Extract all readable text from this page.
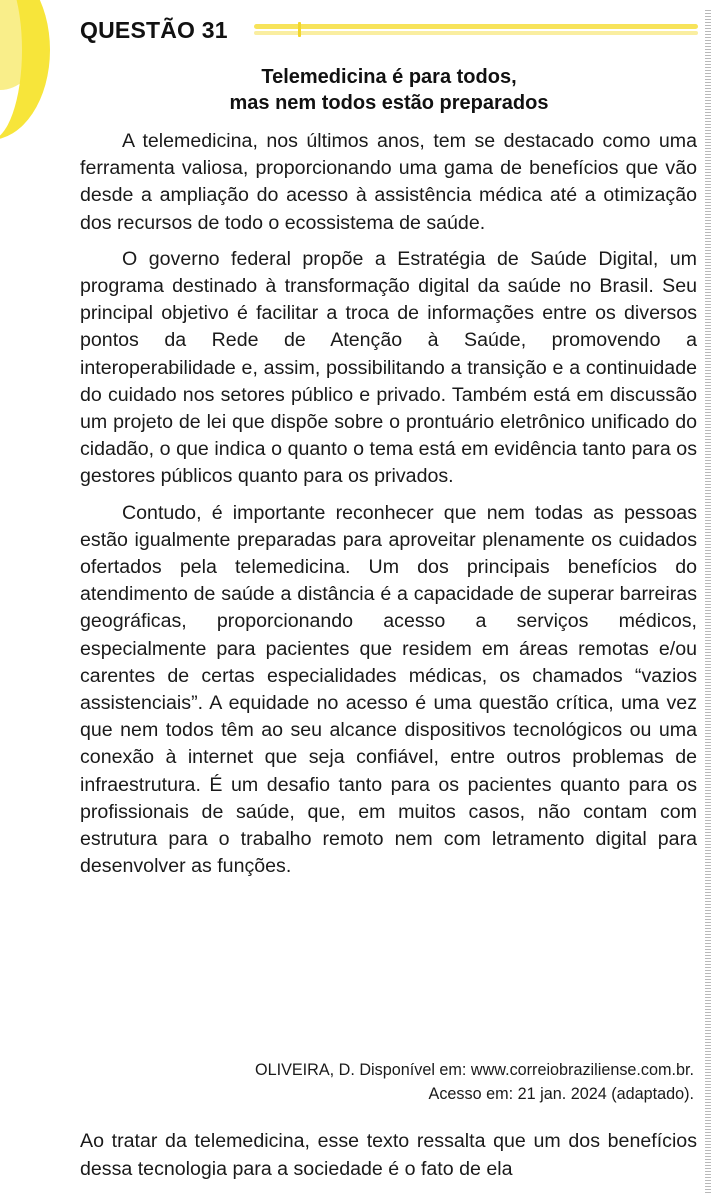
QUESTÃO 31
Telemedicina é para todos,
mas nem todos estão preparados

A telemedicina, nos últimos anos, tem se destacado como uma ferramenta valiosa, proporcionando uma gama de benefícios que vão desde a ampliação do acesso à assistência médica até a otimização dos recursos de todo o ecossistema de saúde.

O governo federal propõe a Estratégia de Saúde Digital, um programa destinado à transformação digital da saúde no Brasil. Seu principal objetivo é facilitar a troca de informações entre os diversos pontos da Rede de Atenção à Saúde, promovendo a interoperabilidade e, assim, possibilitando a transição e a continuidade do cuidado nos setores público e privado. Também está em discussão um projeto de lei que dispõe sobre o prontuário eletrônico unificado do cidadão, o que indica o quanto o tema está em evidência tanto para os gestores públicos quanto para os privados.

Contudo, é importante reconhecer que nem todas as pessoas estão igualmente preparadas para aproveitar plenamente os cuidados ofertados pela telemedicina. Um dos principais benefícios do atendimento de saúde a distância é a capacidade de superar barreiras geográficas, proporcionando acesso a serviços médicos, especialmente para pacientes que residem em áreas remotas e/ou carentes de certas especialidades médicas, os chamados “vazios assistenciais”. A equidade no acesso é uma questão crítica, uma vez que nem todos têm ao seu alcance dispositivos tecnológicos ou uma conexão à internet que seja confiável, entre outros problemas de infraestrutura. É um desafio tanto para os pacientes quanto para os profissionais de saúde, que, em muitos casos, não contam com estrutura para o trabalho remoto nem com letramento digital para desenvolver as funções.

OLIVEIRA, D. Disponível em: www.correiobraziliense.com.br.
Acesso em: 21 jan. 2024 (adaptado).
Ao tratar da telemedicina, esse texto ressalta que um dos benefícios dessa tecnologia para a sociedade é o fato de ela
